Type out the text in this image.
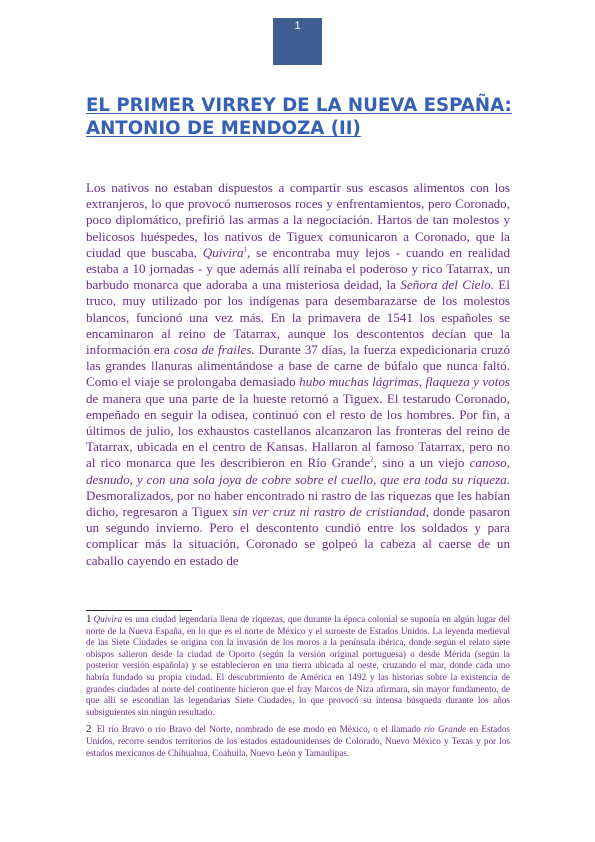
1
EL PRIMER VIRREY DE LA NUEVA ESPAÑA: ANTONIO DE MENDOZA (II)

Los nativos no estaban dispuestos a compartir sus escasos alimentos con los extranjeros, lo que provocó numerosos roces y enfrentamientos, pero Coronado, poco diplomático, prefirió las armas a la negociación. Hartos de tan molestos y belicosos huéspedes, los nativos de Tiguex comunicaron a Coronado, que la ciudad que buscaba, Quivira$^1$, se encontraba muy lejos - cuando en realidad estaba a 10 jornadas - y que además allí reinaba el poderoso y rico Tatarrax, un barbudo monarca que adoraba a una misteriosa deidad, la Señora del Cielo. El truco, muy utilizado por los indígenas para desembarazarse de los molestos blancos, funcionó una vez más. En la primavera de 1541 los españoles se encaminaron al reino de Tatarrax, aunque los descontentos decían que la información era cosa de frailes. Durante 37 días, la fuerza expedicionaria cruzó las grandes llanuras alimentándose a base de carne de búfalo que nunca faltó. Como el viaje se prolongaba demasiado hubo muchas lágrimas, flaqueza y votos de manera que una parte de la hueste retornó a Tiguex. El testarudo Coronado, empeñado en seguir la odisea, continuó con el resto de los hombres. Por fin, a últimos de julio, los exhaustos castellanos alcanzaron las fronteras del reino de Tatarrax, ubicada en el centro de Kansas. Hallaron al famoso Tatarrax, pero no al rico monarca que les describieron en Río Grande$^2$, sino a un viejo canoso, desnudo, y con una sola joya de cobre sobre el cuello, que era toda su riqueza. Desmoralizados, por no haber encontrado ni rastro de las riquezas que les habían dicho, regresaron a Tiguex sin ver cruz ni rastro de cristiandad, donde pasaron un segundo invierno. Pero el descontento cundió entre los soldados y para complicar más la situación, Coronado se golpeó la cabeza al caerse de un caballo cayendo en estado de

1 Quivira es una ciudad legendaria llena de riquezas, que durante la época colonial se suponía en algún lugar del norte de la Nueva España, en lo que es el norte de México y el suroeste de Estados Unidos. La leyenda medieval de las Siete Ciudades se origina con la invasión de los moros a la península ibérica, donde según el relato siete obispos salieron desde la ciudad de Oporto (según la versión original portuguesa) o desde Mérida (según la posterior versión española) y se establecieron en una tierra ubicada al oeste, cruzando el mar, donde cada uno habría fundado su propia ciudad. El descubrimiento de América en 1492 y las historias sobre la existencia de grandes ciudades al norte del continente hicieron que el fray Marcos de Niza afirmara, sin mayor fundamento, de que allí se escondían las legendarias Siete Ciudades, lo que provocó su intensa búsqueda durante los años subsiguientes sin ningún resultado.

2 El río Bravo o río Bravo del Norte, nombrado de ese modo en México, o el llamado río Grande en Estados Unidos, recorre sendos territorios de los estados estadounidenses de Colorado, Nuevo México y Texas y por los estados mexicanos de Chihuahua, Coahuila, Nuevo León y Tamaulipas.
